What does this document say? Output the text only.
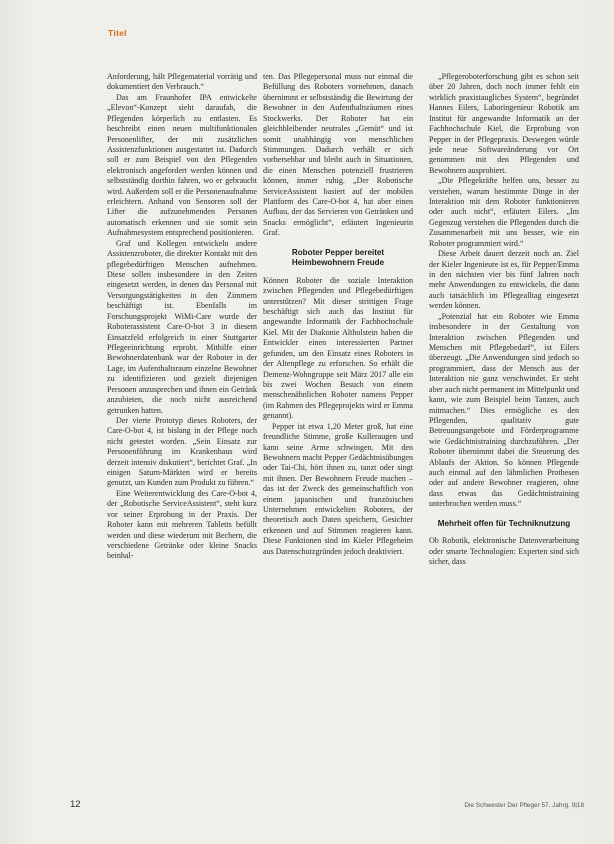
Titel

Anforderung, hält Pflegematerial vorrätig und dokumentiert den Verbrauch.“

Das am Fraunhofer IPA entwickelte „Elevon“-Konzept sieht daraufab, die Pflegenden körperlich zu entlasten. Es beschreibt einen neuen multifunktionalen Personenlifter, der mit zusätzlichen Assistenzfunktionen ausgestattet ist. Dadurch soll er zum Beispiel von den Pflegenden elektronisch angefordert werden können und selbstständig dorthin fahren, wo er gebraucht wird. Außerdem soll er die Personenaufnahme erleichtern. Anhand von Sensoren soll der Lifter die aufzunehmenden Personen automatisch erkennen und sie somit sein Aufnahmesystem entsprechend positionieren.

Graf und Kollegen entwickeln andere Assistenzroboter, die direkter Kontakt mit den pflegebedürftigen Menschen aufnehmen. Diese sollen insbesondere in den Zeiten eingesetzt werden, in denen das Personal mit Versorgungstätigkeiten in den Zimmern beschäftigt ist. Ebenfalls im Forschungsprojekt WiMi-Care wurde der Roboterassistent Care-O-bot 3 in diesem Einsatzfeld erfolgreich in einer Stuttgarter Pflegeeinrichtung erprobt. Mithilfe einer Bewohnerdatenbank war der Roboter in der Lage, im Aufenthaltsraum einzelne Bewohner zu identifizieren und gezielt diejenigen Personen anzusprechen und ihnen ein Getränk anzubieten, die noch nicht ausreichend getrunken hatten.

Der vierte Prototyp dieses Roboters, der Care-O-bot 4, ist bislang in der Pflege noch nicht getestet worden. „Sein Einsatz zur Personenführung im Krankenhaus wird derzeit intensiv diskutiert“, berichtet Graf. „In einigen Saturn-Märkten wird er bereits genutzt, um Kunden zum Produkt zu führen.“

Eine Weiterentwicklung des Care-O-bot 4, der „Robotische ServiceAssistent“, steht kurz vor seiner Erprobung in der Praxis. Der Roboter kann mit mehreren Tabletts befüllt werden und diese wiederum mit Bechern, die verschiedene Getränke oder kleine Snacks beinhal-

ten. Das Pflegepersonal muss nur einmal die Befüllung des Roboters vornehmen, danach übernimmt er selbstständig die Bewirtung der Bewohner in den Aufenthaltsräumen eines Stockwerks. Der Roboter hat ein gleichbleibender neutrales „Gemüt“ und ist somit unabhängig von menschlichen Stimmungen. Dadurch verhält er sich vorhersehbar und bleibt auch in Situationen, die einen Menschen potenziell frustrieren können, immer ruhig. „Der Robotische ServiceAssistent basiert auf der mobilen Plattform des Care-O-bot 4, hat aber einen Aufbau, der das Servieren von Getränken und Snacks ermöglicht“, erläutert Ingenieurin Graf.

Roboter Pepper bereitet Heimbewohnern Freude

Können Roboter die soziale Interaktion zwischen Pflegenden und Pflegebedürftigen unterstützen? Mit dieser strittigen Frage beschäftigt sich auch das Institut für angewandte Informatik der Fachhochschule Kiel. Mit der Diakonie Altholstein haben die Entwickler einen interessierten Partner gefunden, um den Einsatz eines Roboters in der Altenpflege zu erforschen. So erhält die Demenz-Wohngruppe seit März 2017 alle ein bis zwei Wochen Besuch von einem menschenähnlichen Roboter namens Pepper (im Rahmen des Pflegeprojekts wird er Emma genannt).

Pepper ist etwa 1,20 Meter groß, hat eine freundliche Stimme, große Kulleraugen und kann seine Arme schwingen. Mit den Bewohnern macht Pepper Gedächtnisübungen oder Tai-Chi, hört ihnen zu, tanzt oder singt mit ihnen. Der Bewohnern Freude machen – das ist der Zweck des gemeinschaftlich von einem japanischen und französischen Unternehmen entwickelten Roboters, der theoretisch auch Daten speichern, Gesichter erkennen und auf Stimmen reagieren kann. Diese Funktionen sind im Kieler Pflegeheim aus Datenschutzgründen jedoch deaktiviert.

„Pflegeroboterforschung gibt es schon seit über 20 Jahren, doch noch immer fehlt ein wirklich praxistaugliches System“, begründet Hannes Eilers, Laboringenieur Robotik am Institut für angewandte Informatik an der Fachhochschule Kiel, die Erprobung von Pepper in der Pflegepraxis. Deswegen würde jede neue Softwareänderung vor Ort genommen mit den Pflegenden und Bewohnern ausprobiert.

„Die Pflegekräfte helfen uns, besser zu verstehen, warum bestimmte Dinge in der Interaktion mit dem Roboter funktionieren oder auch nicht“, erläutert Eilers. „Im Gegenzug verstehen die Pflegenden durch die Zusammenarbeit mit uns besser, wie ein Roboter programmiert wird.“

Diese Arbeit dauert derzeit noch an. Ziel der Kieler Ingenieure ist es, für Pepper/Emma in den nächsten vier bis fünf Jahren noch mehr Anwendungen zu entwickeln, die dann auch tatsächlich im Pflegealltag eingesetzt werden können.

„Potenzial hat ein Roboter wie Emma insbesondere in der Gestaltung von Interaktion zwischen Pflegenden und Menschen mit Pflegebedarf“, ist Eilers überzeugt. „Die Anwendungen sind jedoch so programmiert, dass der Mensch aus der Interaktion nie ganz verschwindet. Er steht aber auch nicht permanent im Mittelpunkt und kann, wie zum Beispiel beim Tanzen, auch mitmachen.“ Dies ermögliche es den Pflegenden, qualitativ gute Betreuungsangebote und Förderprogramme wie Gedächtnistraining durchzuführen. „Der Roboter übernimmt dabei die Steuerung des Ablaufs der Aktion. So können Pflegende auch einmal auf den lähmlichen Prothesen oder auf andere Bewohner reagieren, ohne dass etwas das Gedächtnistraining unterbrochen werden muss.“

Mehrheit offen für Techniknutzung

Ob Robotik, elektronische Datenverarbeitung oder smarte Technologien: Experten sind sich sicher, dass

12	Die Schwester Der Pfleger 57. Jahrg. 9|18
